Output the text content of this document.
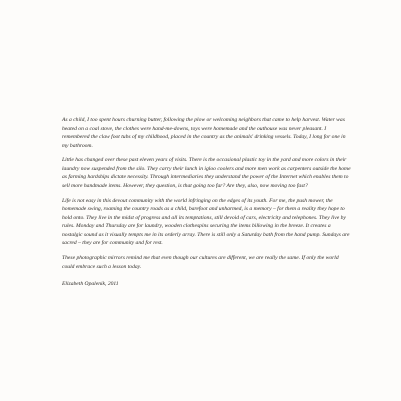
As a child, I too spent hours churning butter, following the plow or welcoming neighbors that came to help harvest. Water was heated on a coal stove, the clothes were hand-me-downs, toys were homemade and the outhouse was never pleasant. I remembered the claw foot tubs of my childhood, placed in the country as the animals' drinking vessels. Today, I long for one in my bathroom.

Little has changed over these past eleven years of visits. There is the occasional plastic toy in the yard and more colors in their laundry now suspended from the silo. They carry their lunch in igloo coolers and more men work as carpenters outside the home as farming hardships dictate necessity. Through intermediaries they understand the power of the Internet which enables them to sell more handmade items. However, they question, is that going too far? Are they, also, now moving too fast?

Life is not easy in this devout community with the world infringing on the edges of its youth. For me, the push mower, the homemade swing, roaming the country roads as a child, barefoot and unharmed, is a memory – for them a reality they hope to hold onto. They live in the midst of progress and all its temptations, still devoid of cars, electricity and telephones. They live by rules. Monday and Thursday are for laundry, wooden clothespins securing the items billowing in the breeze. It creates a nostalgic sound as it visually tempts me in its orderly array. There is still only a Saturday bath from the hand pump. Sundays are sacred – they are for community and for rest.

These photographic mirrors remind me that even though our cultures are different, we are really the same. If only the world could embrace such a lesson today.

Elizabeth Opalenik, 2011
